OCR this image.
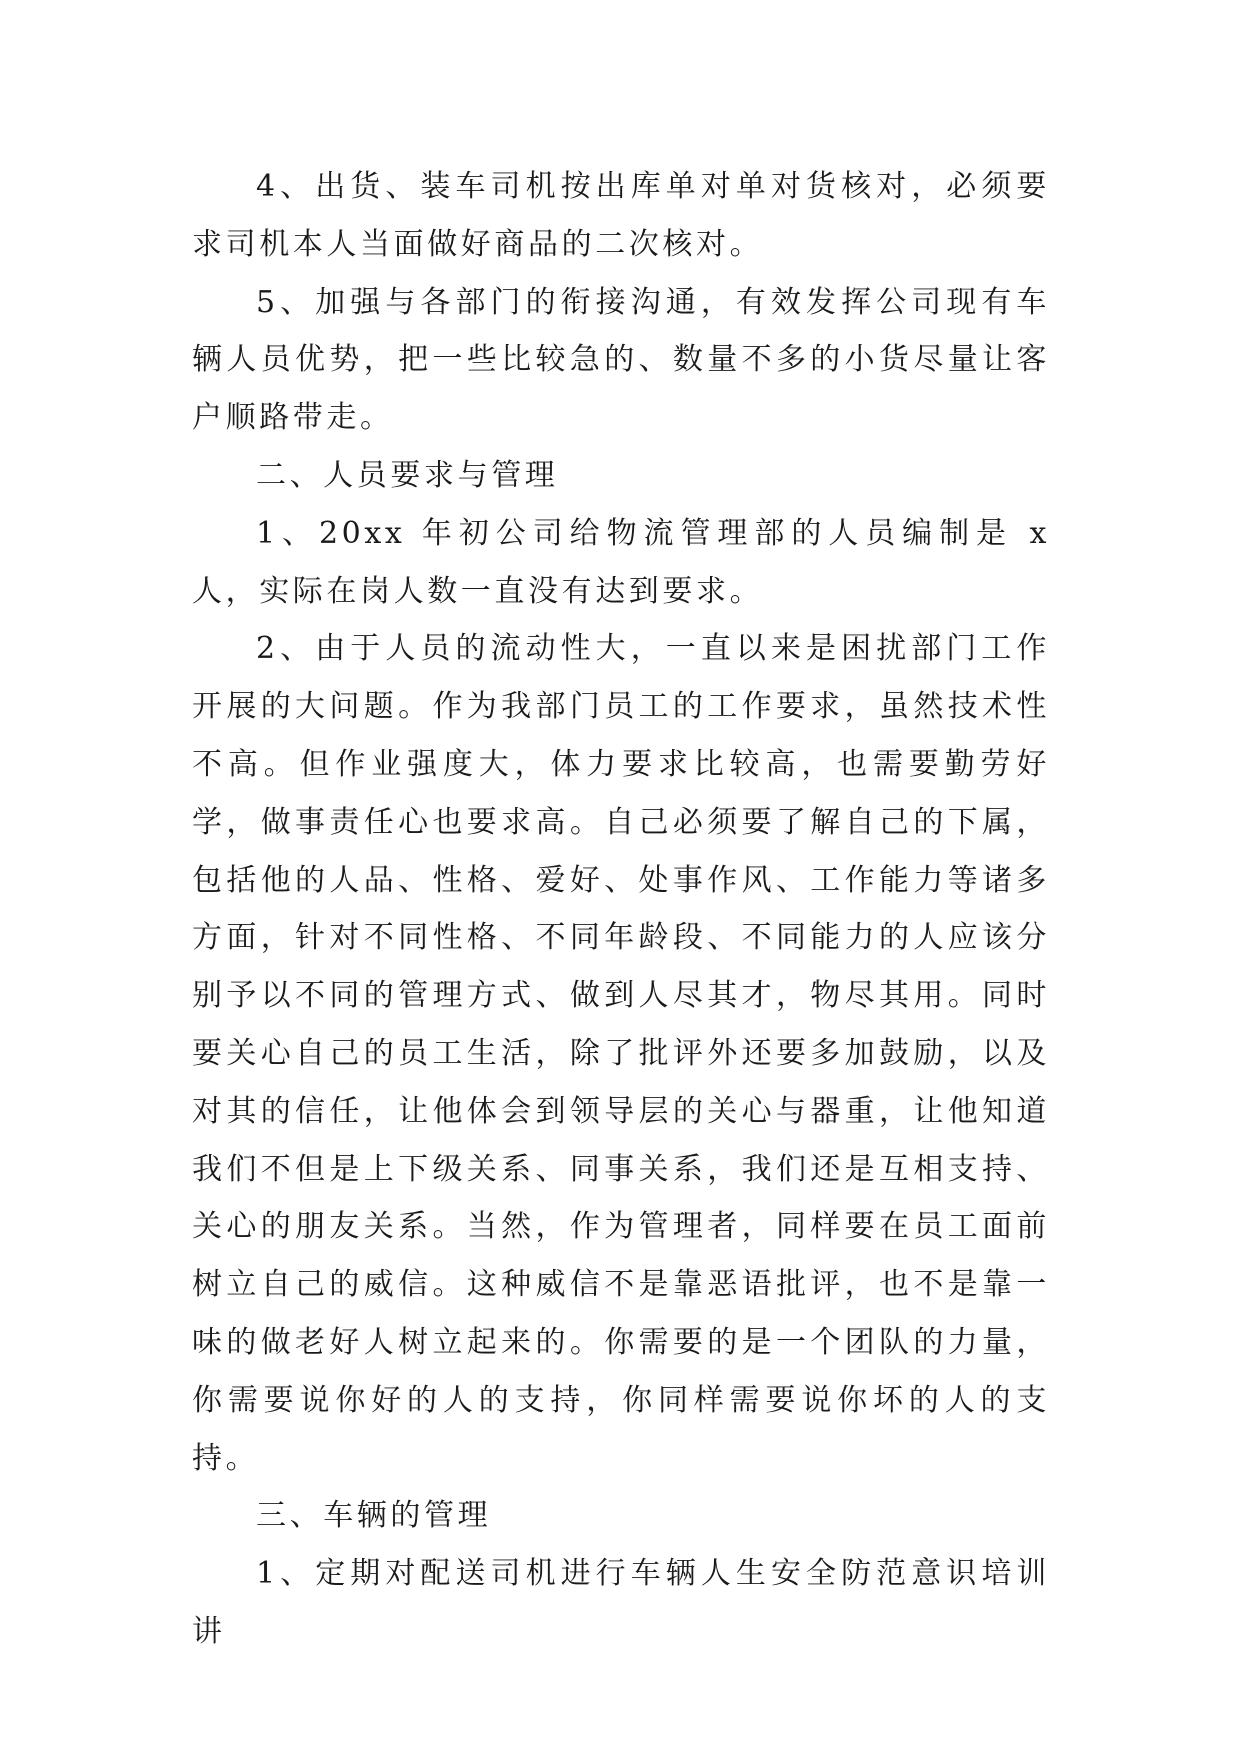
4、出货、装车司机按出库单对单对货核对，必须要求司机本人当面做好商品的二次核对。

5、加强与各部门的衔接沟通，有效发挥公司现有车辆人员优势，把一些比较急的、数量不多的小货尽量让客户顺路带走。

二、人员要求与管理

1、20xx 年初公司给物流管理部的人员编制是 x 人，实际在岗人数一直没有达到要求。

2、由于人员的流动性大，一直以来是困扰部门工作开展的大问题。作为我部门员工的工作要求，虽然技术性不高。但作业强度大，体力要求比较高，也需要勤劳好学，做事责任心也要求高。自己必须要了解自己的下属，包括他的人品、性格、爱好、处事作风、工作能力等诸多方面，针对不同性格、不同年龄段、不同能力的人应该分别予以不同的管理方式、做到人尽其才，物尽其用。同时要关心自己的员工生活，除了批评外还要多加鼓励，以及对其的信任，让他体会到领导层的关心与器重，让他知道我们不但是上下级关系、同事关系，我们还是互相支持、关心的朋友关系。当然，作为管理者，同样要在员工面前树立自己的威信。这种威信不是靠恶语批评，也不是靠一味的做老好人树立起来的。你需要的是一个团队的力量，你需要说你好的人的支持，你同样需要说你坏的人的支持。

三、车辆的管理

1、定期对配送司机进行车辆人生安全防范意识培训讲
